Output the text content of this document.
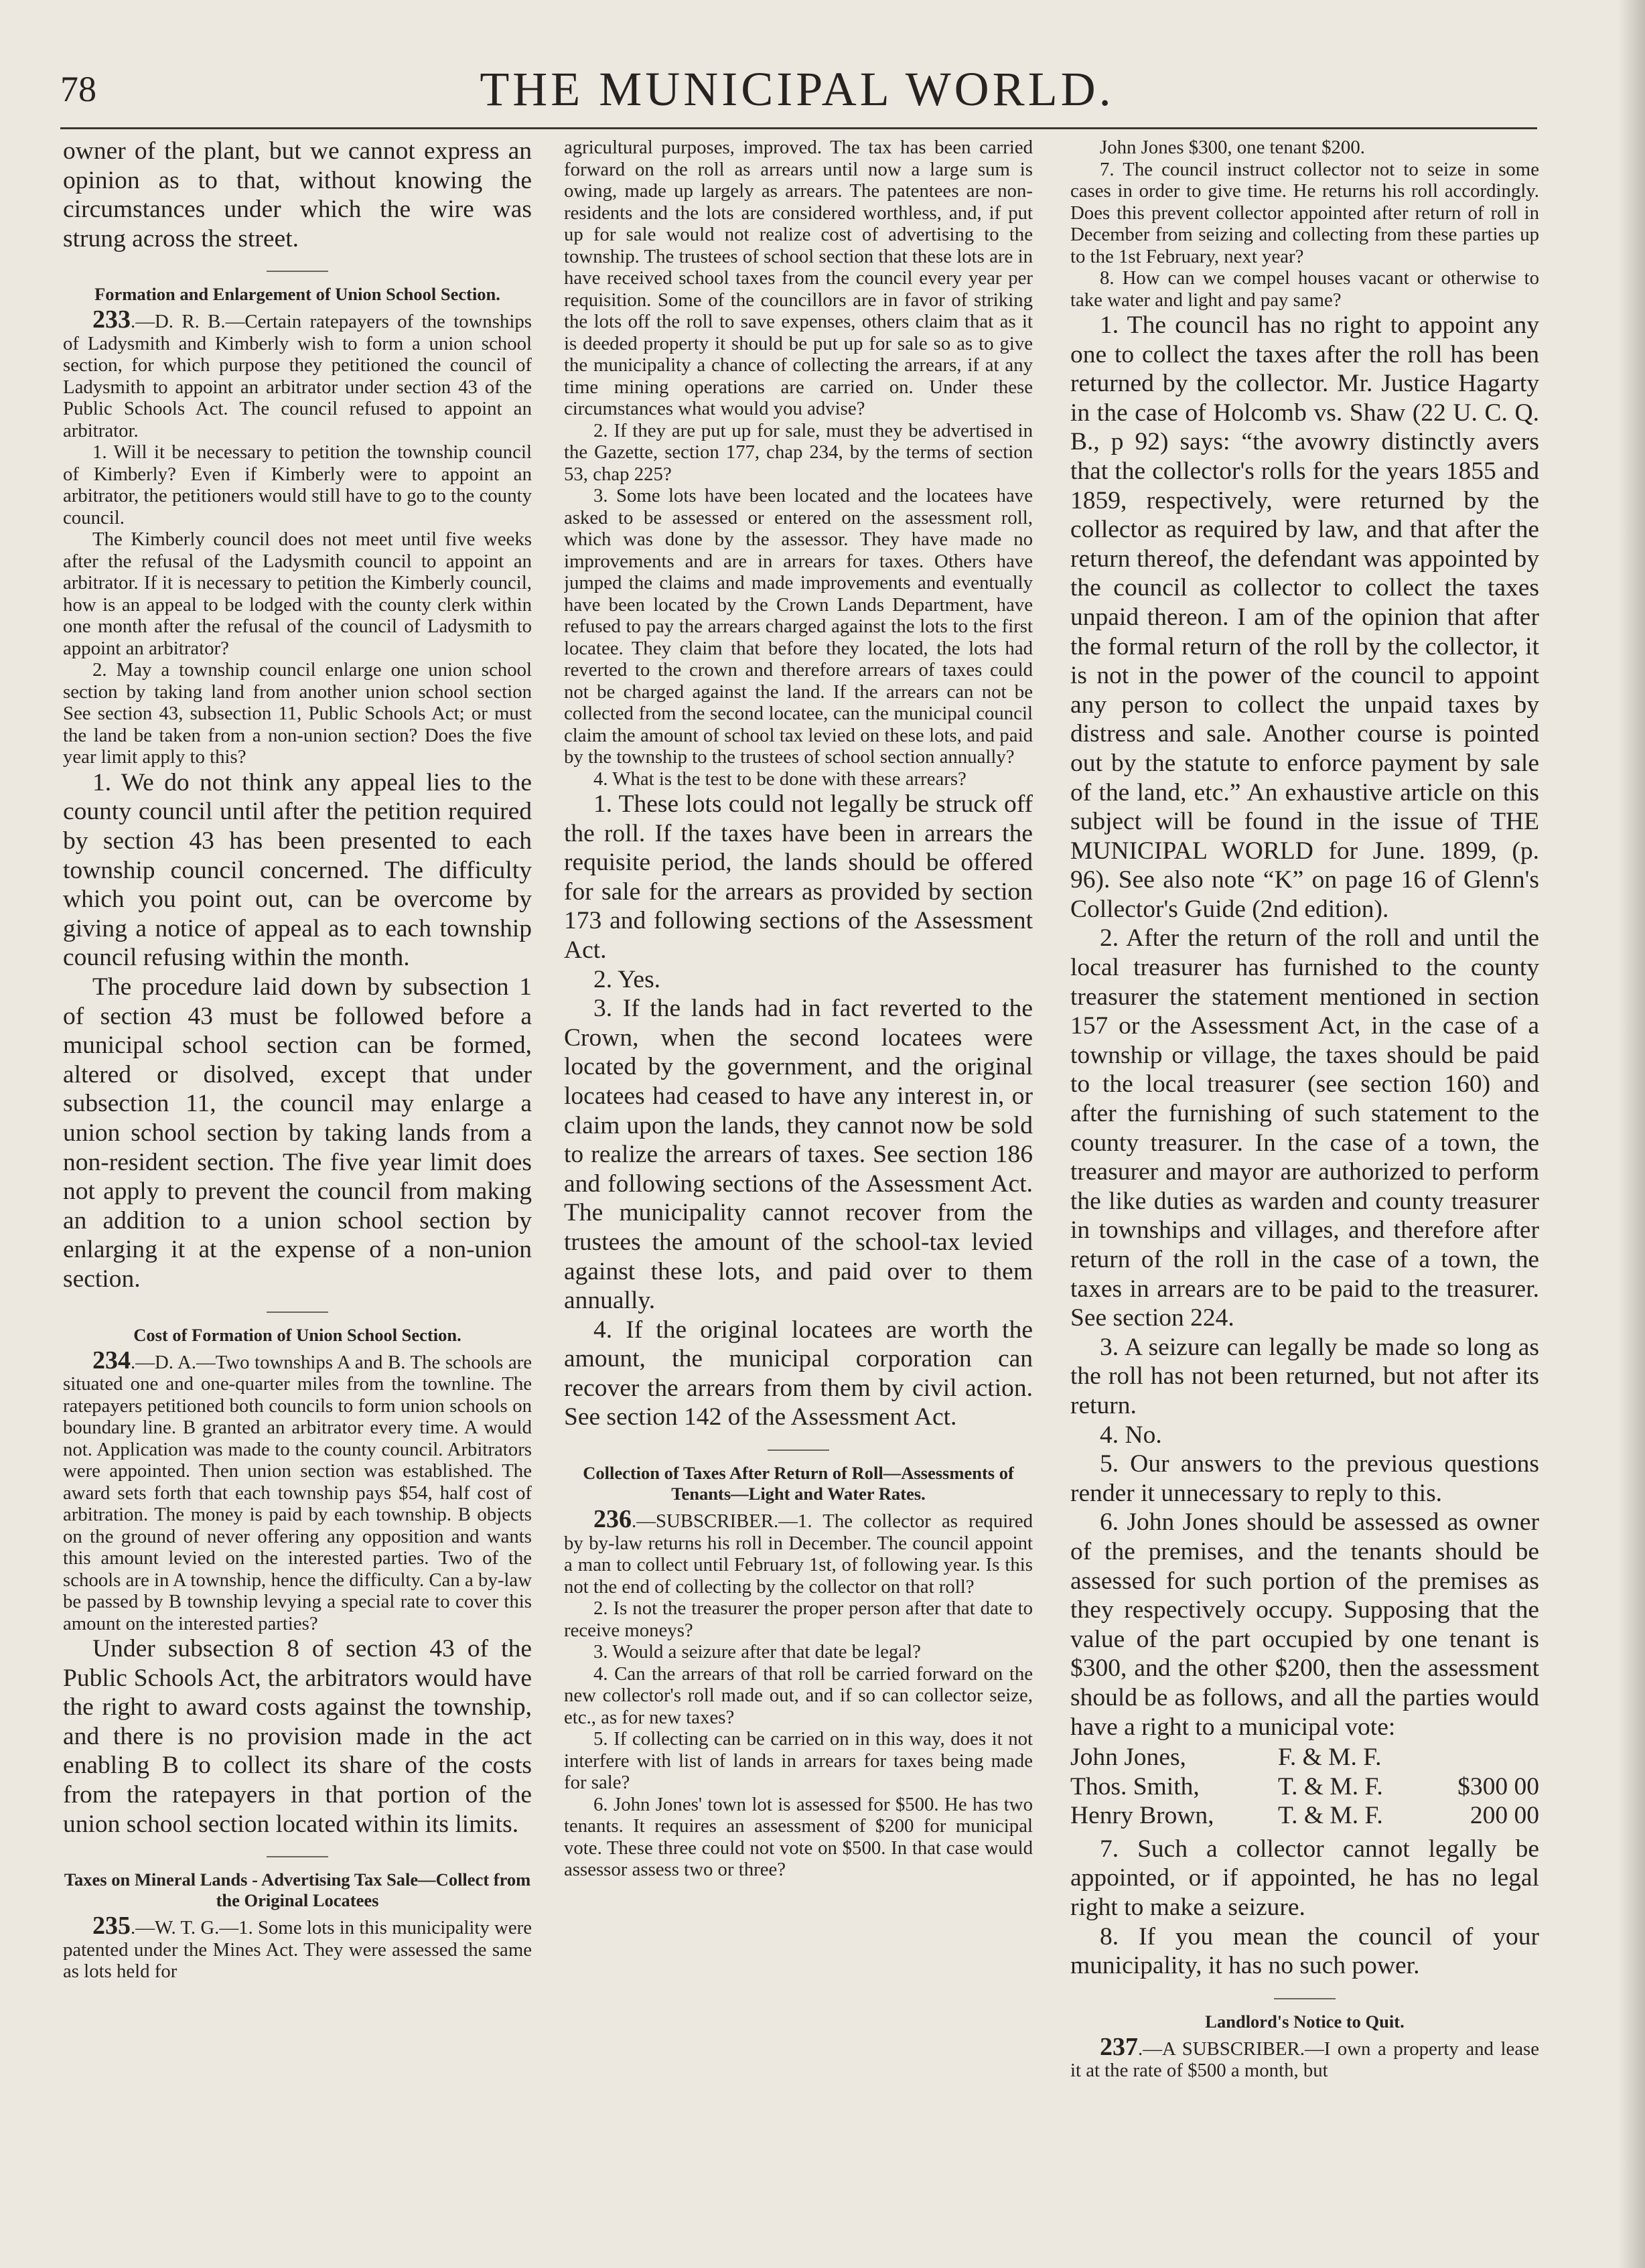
78	THE MUNICIPAL WORLD.

owner of the plant, but we cannot express an opinion as to that, without knowing the circumstances under which the wire was strung across the street.

Formation and Enlargement of Union School Section.

233.—D. R. B.—Certain ratepayers of the townships of Ladysmith and Kimberly wish to form a union school section, for which purpose they petitioned the council of Ladysmith to appoint an arbitrator under section 43 of the Public Schools Act. The council refused to appoint an arbitrator.

1. Will it be necessary to petition the township council of Kimberly? Even if Kimberly were to appoint an arbitrator, the petitioners would still have to go to the county council.

The Kimberly council does not meet until five weeks after the refusal of the Ladysmith council to appoint an arbitrator. If it is necessary to petition the Kimberly council, how is an appeal to be lodged with the county clerk within one month after the refusal of the council of Ladysmith to appoint an arbitrator?

2. May a township council enlarge one union school section by taking land from another union school section See section 43, subsection 11, Public Schools Act; or must the land be taken from a non-union section? Does the five year limit apply to this?

1. We do not think any appeal lies to the county council until after the petition required by section 43 has been presented to each township council concerned. The difficulty which you point out, can be overcome by giving a notice of appeal as to each township council refusing within the month.

The procedure laid down by subsection 1 of section 43 must be followed before a municipal school section can be formed, altered or disolved, except that under subsection 11, the council may enlarge a union school section by taking lands from a non-resident section. The five year limit does not apply to prevent the council from making an addition to a union school section by enlarging it at the expense of a non-union section.

Cost of Formation of Union School Section.

234.—D. A.—Two townships A and B. The schools are situated one and one-quarter miles from the townline. The ratepayers petitioned both councils to form union schools on boundary line. B granted an arbitrator every time. A would not. Application was made to the county council. Arbitrators were appointed. Then union section was established. The award sets forth that each township pays $54, half cost of arbitration. The money is paid by each township. B objects on the ground of never offering any opposition and wants this amount levied on the interested parties. Two of the schools are in A township, hence the difficulty. Can a by-law be passed by B township levying a special rate to cover this amount on the interested parties?

Under subsection 8 of section 43 of the Public Schools Act, the arbitrators would have the right to award costs against the township, and there is no provision made in the act enabling B to collect its share of the costs from the ratepayers in that portion of the union school section located within its limits.

Taxes on Mineral Lands - Advertising Tax Sale—Collect from the Original Locatees

235.—W. T. G.—1. Some lots in this municipality were patented under the Mines Act. They were assessed the same as lots held for

agricultural purposes, improved. The tax has been carried forward on the roll as arrears until now a large sum is owing, made up largely as arrears. The patentees are non-residents and the lots are considered worthless, and, if put up for sale would not realize cost of advertising to the township. The trustees of school section that these lots are in have received school taxes from the council every year per requisition. Some of the councillors are in favor of striking the lots off the roll to save expenses, others claim that as it is deeded property it should be put up for sale so as to give the municipality a chance of collecting the arrears, if at any time mining operations are carried on. Under these circumstances what would you advise?

2. If they are put up for sale, must they be advertised in the Gazette, section 177, chap 234, by the terms of section 53, chap 225?

3. Some lots have been located and the locatees have asked to be assessed or entered on the assessment roll, which was done by the assessor. They have made no improvements and are in arrears for taxes. Others have jumped the claims and made improvements and eventually have been located by the Crown Lands Department, have refused to pay the arrears charged against the lots to the first locatee. They claim that before they located, the lots had reverted to the crown and therefore arrears of taxes could not be charged against the land. If the arrears can not be collected from the second locatee, can the municipal council claim the amount of school tax levied on these lots, and paid by the township to the trustees of school section annually?

4. What is the test to be done with these arrears?

1. These lots could not legally be struck off the roll. If the taxes have been in arrears the requisite period, the lands should be offered for sale for the arrears as provided by section 173 and following sections of the Assessment Act.

2. Yes.

3. If the lands had in fact reverted to the Crown, when the second locatees were located by the government, and the original locatees had ceased to have any interest in, or claim upon the lands, they cannot now be sold to realize the arrears of taxes. See section 186 and following sections of the Assessment Act. The municipality cannot recover from the trustees the amount of the school-tax levied against these lots, and paid over to them annually.

4. If the original locatees are worth the amount, the municipal corporation can recover the arrears from them by civil action. See section 142 of the Assessment Act.

Collection of Taxes After Return of Roll—Assessments of Tenants—Light and Water Rates.

236.—SUBSCRIBER.—1. The collector as required by by-law returns his roll in December. The council appoint a man to collect until February 1st, of following year. Is this not the end of collecting by the collector on that roll?

2. Is not the treasurer the proper person after that date to receive moneys?

3. Would a seizure after that date be legal?

4. Can the arrears of that roll be carried forward on the new collector's roll made out, and if so can collector seize, etc., as for new taxes?

5. If collecting can be carried on in this way, does it not interfere with list of lands in arrears for taxes being made for sale?

6. John Jones' town lot is assessed for $500. He has two tenants. It requires an assessment of $200 for municipal vote. These three could not vote on $500. In that case would assessor assess two or three?

John Jones $300, one tenant $200.

7. The council instruct collector not to seize in some cases in order to give time. He returns his roll accordingly. Does this prevent collector appointed after return of roll in December from seizing and collecting from these parties up to the 1st February, next year?

8. How can we compel houses vacant or otherwise to take water and light and pay same?

1. The council has no right to appoint any one to collect the taxes after the roll has been returned by the collector. Mr. Justice Hagarty in the case of Holcomb vs. Shaw (22 U. C. Q. B., p 92) says: “the avowry distinctly avers that the collector's rolls for the years 1855 and 1859, respectively, were returned by the collector as required by law, and that after the return thereof, the defendant was appointed by the council as collector to collect the taxes unpaid thereon. I am of the opinion that after the formal return of the roll by the collector, it is not in the power of the council to appoint any person to collect the unpaid taxes by distress and sale. Another course is pointed out by the statute to enforce payment by sale of the land, etc.” An exhaustive article on this subject will be found in the issue of THE MUNICIPAL WORLD for June. 1899, (p. 96). See also note “K” on page 16 of Glenn's Collector's Guide (2nd edition).

2. After the return of the roll and until the local treasurer has furnished to the county treasurer the statement mentioned in section 157 or the Assessment Act, in the case of a township or village, the taxes should be paid to the local treasurer (see section 160) and after the furnishing of such statement to the county treasurer. In the case of a town, the treasurer and mayor are authorized to perform the like duties as warden and county treasurer in townships and villages, and therefore after return of the roll in the case of a town, the taxes in arrears are to be paid to the treasurer. See section 224.

3. A seizure can legally be made so long as the roll has not been returned, but not after its return.

4. No.

5. Our answers to the previous questions render it unnecessary to reply to this.

6. John Jones should be assessed as owner of the premises, and the tenants should be assessed for such portion of the premises as they respectively occupy. Supposing that the value of the part occupied by one tenant is $300, and the other $200, then the assessment should be as follows, and all the parties would have a right to a municipal vote:

John Jones,	F. & M. F.	
Thos. Smith,	T. & M. F.	$300 00
Henry Brown,	T. & M. F.	200 00

7. Such a collector cannot legally be appointed, or if appointed, he has no legal right to make a seizure.

8. If you mean the council of your municipality, it has no such power.

Landlord's Notice to Quit.

237.—A SUBSCRIBER.—I own a property and lease it at the rate of $500 a month, but
